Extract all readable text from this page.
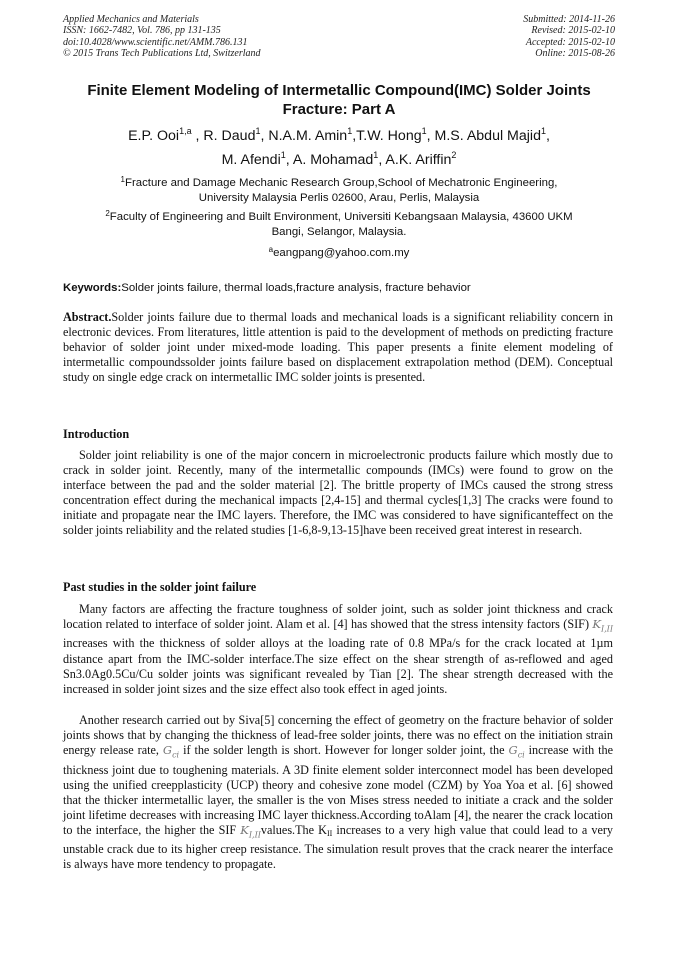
Applied Mechanics and Materials
ISSN: 1662-7482, Vol. 786, pp 131-135
doi:10.4028/www.scientific.net/AMM.786.131
© 2015 Trans Tech Publications Ltd, Switzerland
Submitted: 2014-11-26
Revised: 2015-02-10
Accepted: 2015-02-10
Online: 2015-08-26
Finite Element Modeling of Intermetallic Compound(IMC) Solder Joints
Fracture: Part A
E.P. Ooi$^{1,a}$ , R. Daud$^1$, N.A.M. Amin$^1$,T.W. Hong$^1$, M.S. Abdul Majid$^1$,
M. Afendi$^1$, A. Mohamad$^1$, A.K. Ariffin$^2$
$^1$Fracture and Damage Mechanic Research Group,School of Mechatronic Engineering,
University Malaysia Perlis 02600, Arau, Perlis, Malaysia
$^2$Faculty of Engineering and Built Environment, Universiti Kebangsaan Malaysia, 43600 UKM
Bangi, Selangor, Malaysia.
$^a$eangpang@yahoo.com.my
Keywords:Solder joints failure, thermal loads,fracture analysis, fracture behavior
Abstract.Solder joints failure due to thermal loads and mechanical loads is a significant reliability concern in electronic devices. From literatures, little attention is paid to the development of methods on predicting fracture behavior of solder joint under mixed-mode loading. This paper presents a finite element modeling of intermetallic compoundssolder joints failure based on displacement extrapolation method (DEM). Conceptual study on single edge crack on intermetallic IMC solder joints is presented.
Introduction
Solder joint reliability is one of the major concern in microelectronic products failure which mostly due to crack in solder joint. Recently, many of the intermetallic compounds (IMCs) were found to grow on the interface between the pad and the solder material [2]. The brittle property of IMCs caused the strong stress concentration effect during the mechanical impacts [2,4-15] and thermal cycles[1,3] The cracks were found to initiate and propagate near the IMC layers. Therefore, the IMC was considered to have significanteffect on the solder joints reliability and the related studies [1-6,8-9,13-15]have been received great interest in research.
Past studies in the solder joint failure
Many factors are affecting the fracture toughness of solder joint, such as solder joint thickness and crack location related to interface of solder joint. Alam et al. [4] has showed that the stress intensity factors (SIF) $K_{I,II}$ increases with the thickness of solder alloys at the loading rate of 0.8 MPa/s for the crack located at 1µm distance apart from the IMC-solder interface.The size effect on the shear strength of as-reflowed and aged Sn3.0Ag0.5Cu/Cu solder joints was significant revealed by Tian [2]. The shear strength decreased with the increased in solder joint sizes and the size effect also took effect in aged joints.
Another research carried out by Siva[5] concerning the effect of geometry on the fracture behavior of solder joints shows that by changing the thickness of lead-free solder joints, there was no effect on the initiation strain energy release rate, $G_{ci}$ if the solder length is short. However for longer solder joint, the $G_{ci}$ increase with the thickness joint due to toughening materials. A 3D finite element solder interconnect model has been developed using the unified creepplasticity (UCP) theory and cohesive zone model (CZM) by Yoa Yoa et al. [6] showed that the thicker intermetallic layer, the smaller is the von Mises stress needed to initiate a crack and the solder joint lifetime decreases with increasing IMC layer thickness.According toAlam [4], the nearer the crack location to the interface, the higher the SIF $K_{I,II}values.The$ KII increases to a very high value that could lead to a very unstable crack due to its higher creep resistance. The simulation result proves that the crack nearer the interface is always have more tendency to propagate.
